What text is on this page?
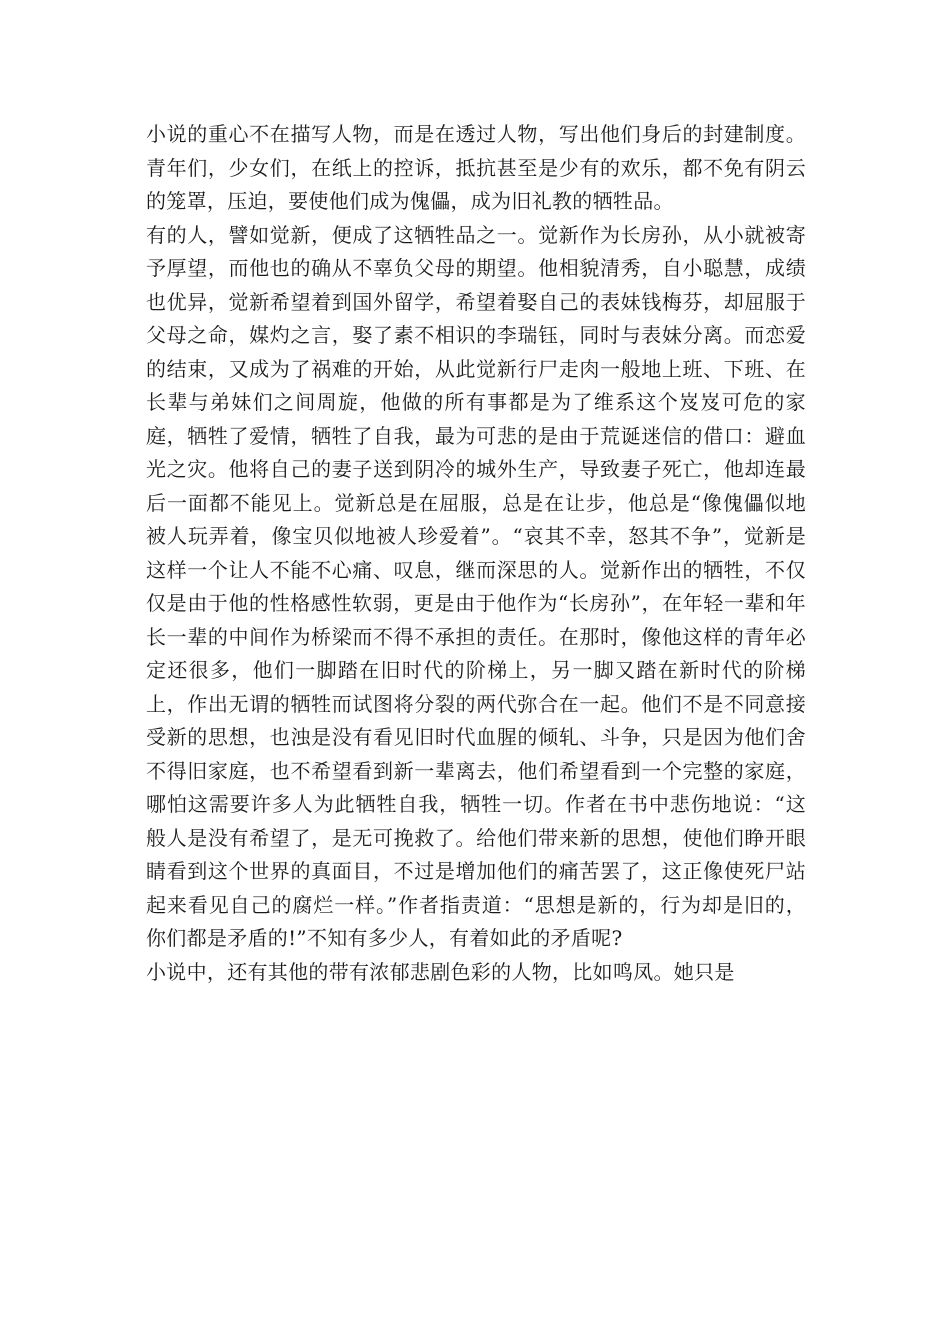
小说的重心不在描写人物，而是在透过人物，写出他们身后的封建制度。青年们，少女们，在纸上的控诉，抵抗甚至是少有的欢乐，都不免有阴云的笼罩，压迫，要使他们成为傀儡，成为旧礼教的牺牲品。

有的人，譬如觉新，便成了这牺牲品之一。觉新作为长房孙，从小就被寄予厚望，而他也的确从不辜负父母的期望。他相貌清秀，自小聪慧，成绩也优异，觉新希望着到国外留学，希望着娶自己的表妹钱梅芬，却屈服于父母之命，媒灼之言，娶了素不相识的李瑞钰，同时与表妹分离。而恋爱的结束，又成为了祸难的开始，从此觉新行尸走肉一般地上班、下班、在长辈与弟妹们之间周旋，他做的所有事都是为了维系这个岌岌可危的家庭，牺牲了爱情，牺牲了自我，最为可悲的是由于荒诞迷信的借口：避血光之灾。他将自己的妻子送到阴冷的城外生产，导致妻子死亡，他却连最后一面都不能见上。觉新总是在屈服，总是在让步，他总是“像傀儡似地被人玩弄着，像宝贝似地被人珍爱着”。“哀其不幸，怒其不争”，觉新是这样一个让人不能不心痛、叹息，继而深思的人。觉新作出的牺牲，不仅仅是由于他的性格感性软弱，更是由于他作为“长房孙”，在年轻一辈和年长一辈的中间作为桥梁而不得不承担的责任。在那时，像他这样的青年必定还很多，他们一脚踏在旧时代的阶梯上，另一脚又踏在新时代的阶梯上，作出无谓的牺牲而试图将分裂的两代弥合在一起。他们不是不同意接受新的思想，也浊是没有看见旧时代血腥的倾轧、斗争，只是因为他们舍不得旧家庭，也不希望看到新一辈离去，他们希望看到一个完整的家庭，哪怕这需要许多人为此牺牲自我，牺牲一切。作者在书中悲伤地说：“这般人是没有希望了，是无可挽救了。给他们带来新的思想，使他们睁开眼睛看到这个世界的真面目，不过是增加他们的痛苦罢了，这正像使死尸站起来看见自己的腐烂一样。”作者指责道：“思想是新的，行为却是旧的，你们都是矛盾的!”不知有多少人，有着如此的矛盾呢?

小说中，还有其他的带有浓郁悲剧色彩的人物，比如鸣凤。她只是
